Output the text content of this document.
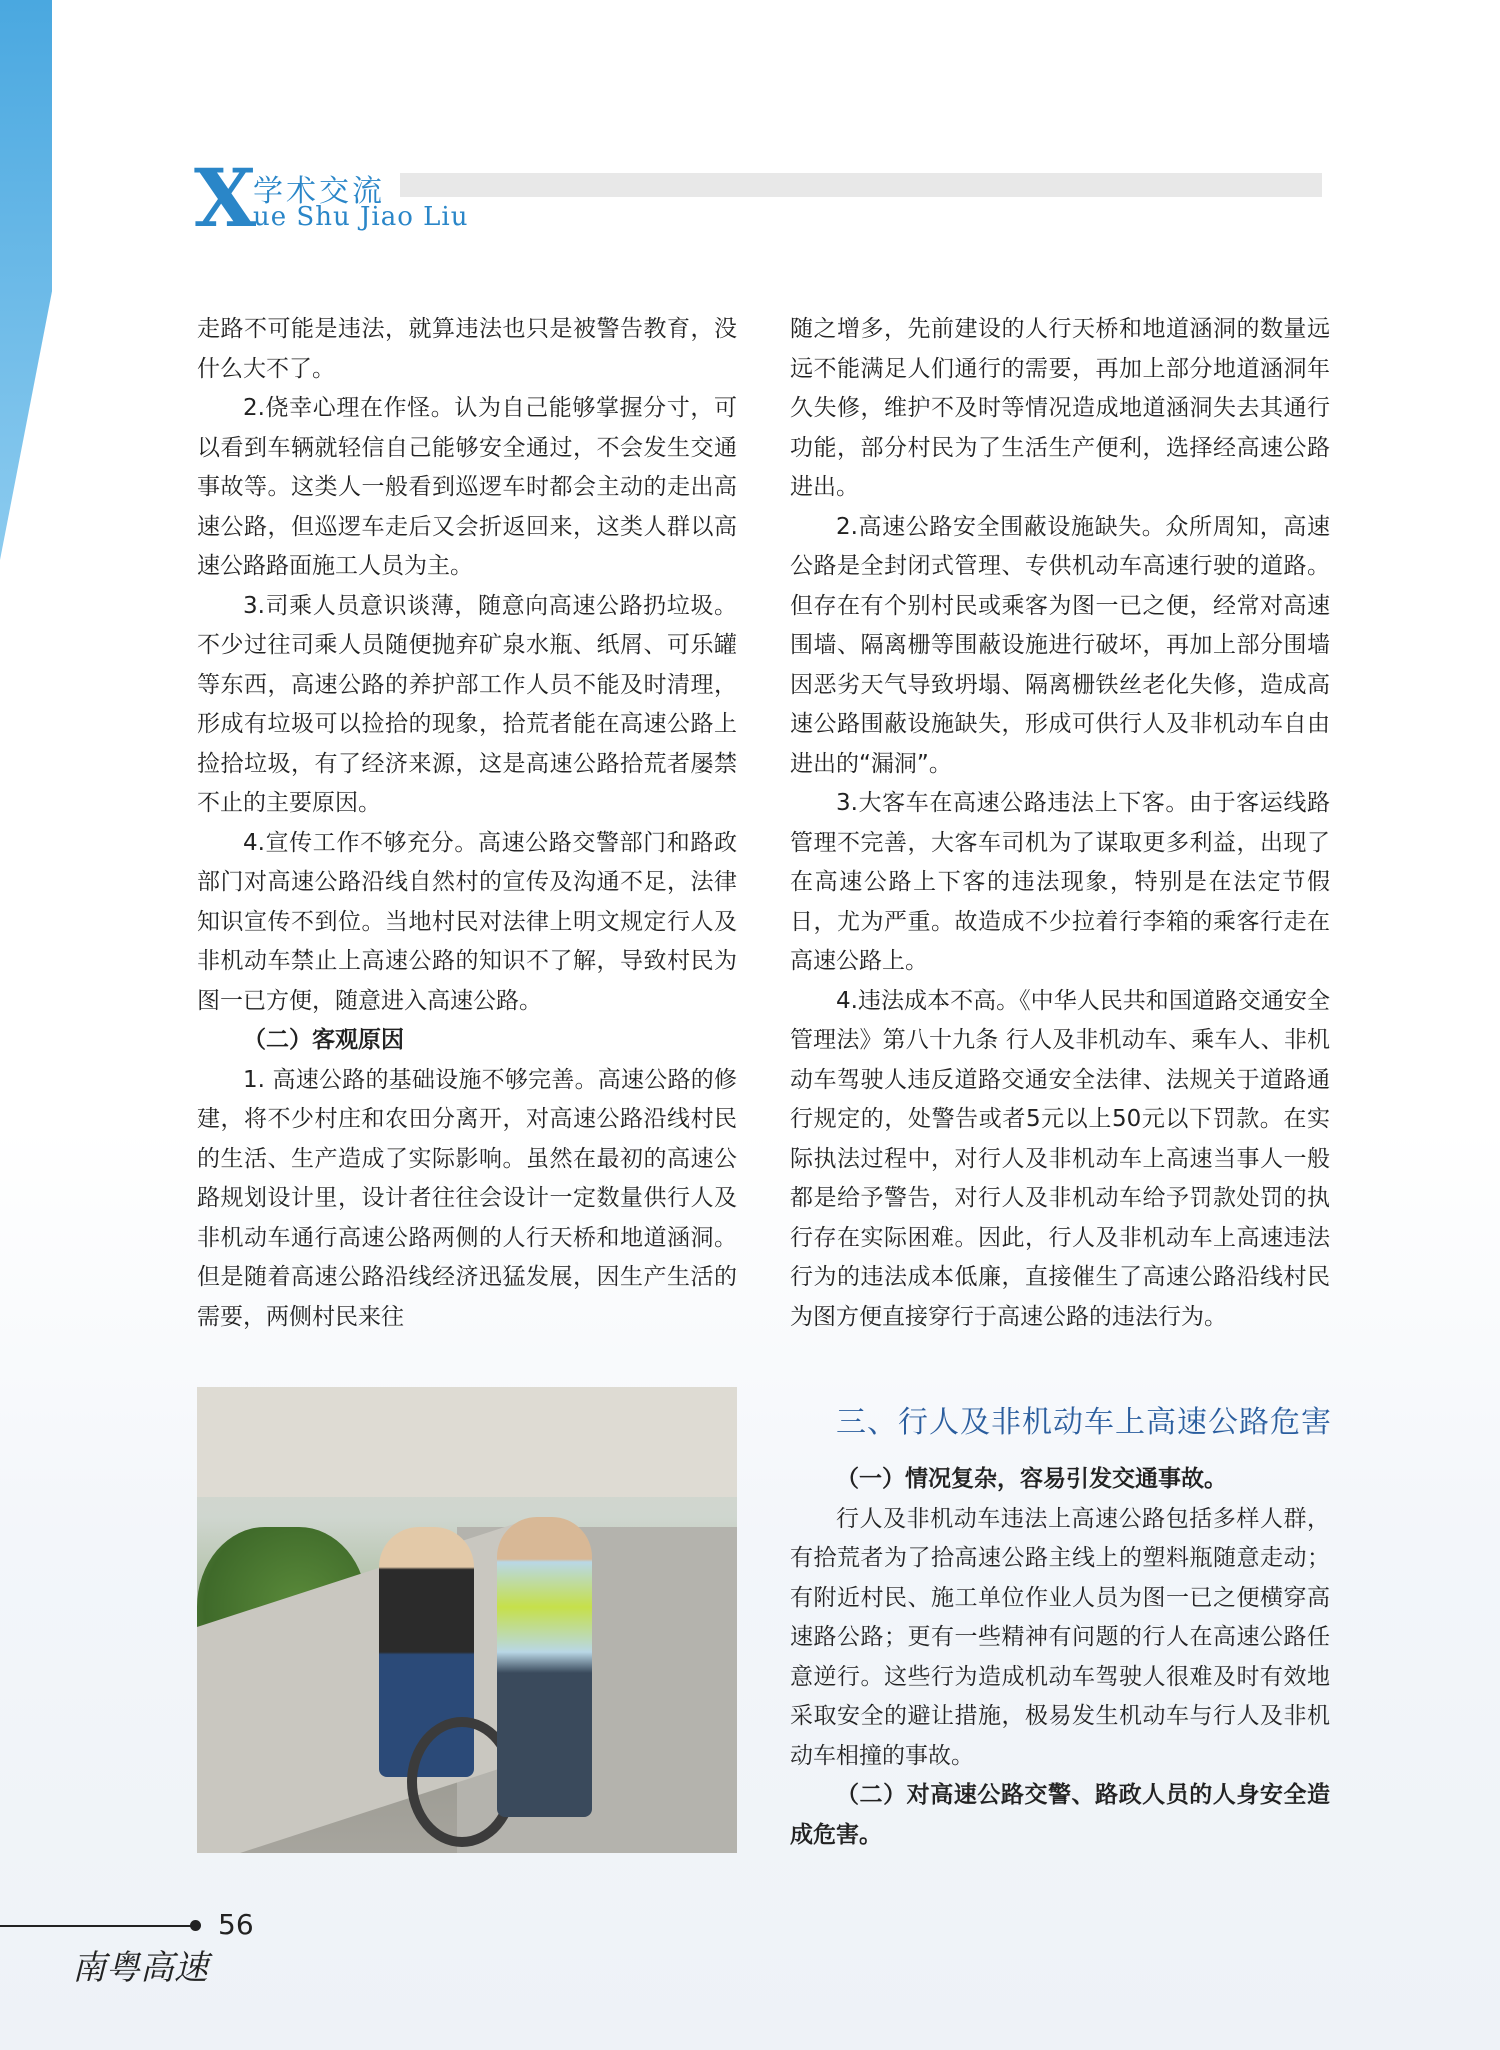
X
学术交流
ue Shu Jiao Liu

走路不可能是违法，就算违法也只是被警告教育，没什么大不了。

2.侥幸心理在作怪。认为自己能够掌握分寸，可以看到车辆就轻信自己能够安全通过，不会发生交通事故等。这类人一般看到巡逻车时都会主动的走出高速公路，但巡逻车走后又会折返回来，这类人群以高速公路路面施工人员为主。

3.司乘人员意识谈薄，随意向高速公路扔垃圾。不少过往司乘人员随便抛弃矿泉水瓶、纸屑、可乐罐等东西，高速公路的养护部工作人员不能及时清理，形成有垃圾可以捡拾的现象，拾荒者能在高速公路上捡拾垃圾，有了经济来源，这是高速公路拾荒者屡禁不止的主要原因。

4.宣传工作不够充分。高速公路交警部门和路政部门对高速公路沿线自然村的宣传及沟通不足，法律知识宣传不到位。当地村民对法律上明文规定行人及非机动车禁止上高速公路的知识不了解，导致村民为图一已方便，随意进入高速公路。

（二）客观原因

1. 高速公路的基础设施不够完善。高速公路的修建，将不少村庄和农田分离开，对高速公路沿线村民的生活、生产造成了实际影响。虽然在最初的高速公路规划设计里，设计者往往会设计一定数量供行人及非机动车通行高速公路两侧的人行天桥和地道涵洞。但是随着高速公路沿线经济迅猛发展，因生产生活的需要，两侧村民来往

随之增多，先前建设的人行天桥和地道涵洞的数量远远不能满足人们通行的需要，再加上部分地道涵洞年久失修，维护不及时等情况造成地道涵洞失去其通行功能，部分村民为了生活生产便利，选择经高速公路进出。

2.高速公路安全围蔽设施缺失。众所周知，高速公路是全封闭式管理、专供机动车高速行驶的道路。但存在有个别村民或乘客为图一已之便，经常对高速围墙、隔离栅等围蔽设施进行破坏，再加上部分围墙因恶劣天气导致坍塌、隔离栅铁丝老化失修，造成高速公路围蔽设施缺失，形成可供行人及非机动车自由进出的“漏洞”。

3.大客车在高速公路违法上下客。由于客运线路管理不完善，大客车司机为了谋取更多利益，出现了在高速公路上下客的违法现象，特别是在法定节假日，尤为严重。故造成不少拉着行李箱的乘客行走在高速公路上。

4.违法成本不高。《中华人民共和国道路交通安全管理法》第八十九条 行人及非机动车、乘车人、非机动车驾驶人违反道路交通安全法律、法规关于道路通行规定的，处警告或者5元以上50元以下罚款。在实际执法过程中，对行人及非机动车上高速当事人一般都是给予警告，对行人及非机动车给予罚款处罚的执行存在实际困难。因此，行人及非机动车上高速违法行为的违法成本低廉，直接催生了高速公路沿线村民为图方便直接穿行于高速公路的违法行为。

三、行人及非机动车上高速公路危害

（一）情况复杂，容易引发交通事故。

行人及非机动车违法上高速公路包括多样人群，有拾荒者为了拾高速公路主线上的塑料瓶随意走动；有附近村民、施工单位作业人员为图一已之便横穿高速路公路；更有一些精神有问题的行人在高速公路任意逆行。这些行为造成机动车驾驶人很难及时有效地采取安全的避让措施，极易发生机动车与行人及非机动车相撞的事故。

（二）对高速公路交警、路政人员的人身安全造成危害。

56
南粤高速
